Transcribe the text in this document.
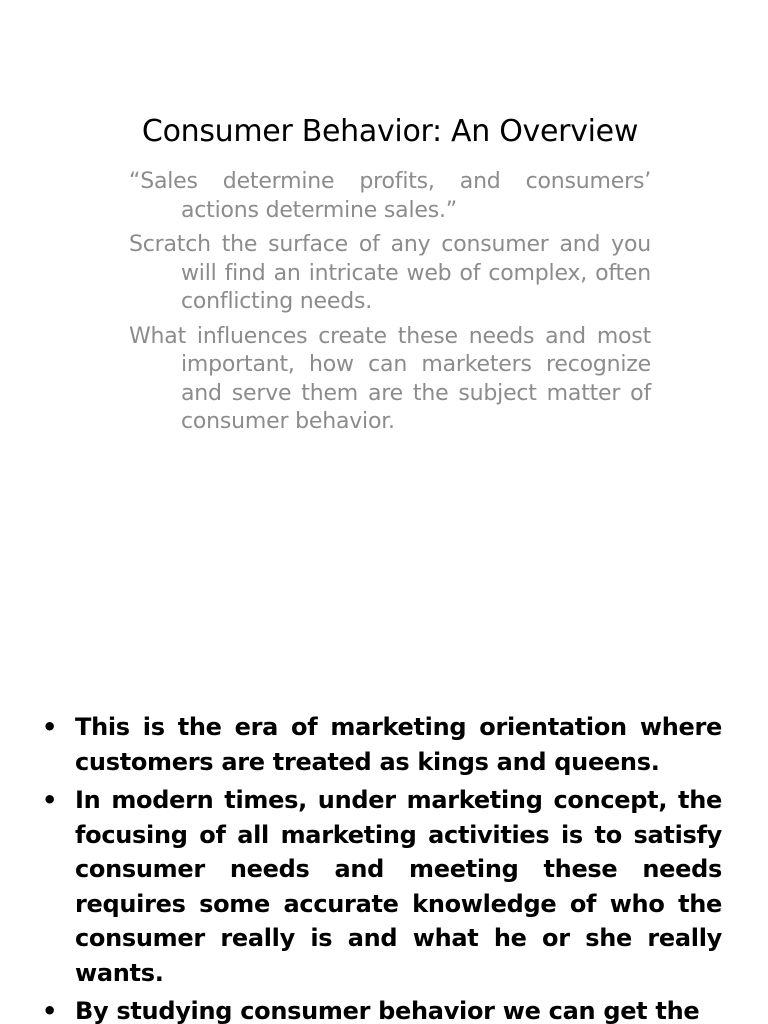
Consumer Behavior: An Overview
“Sales determine profits, and consumers’ actions determine sales.”
Scratch the surface of any consumer and you will find an intricate web of complex, often conflicting needs.
What influences create these needs and most important, how can marketers recognize and serve them are the subject matter of consumer behavior.
• This is the era of marketing orientation where customers are treated as kings and queens.
• In modern times, under marketing concept, the focusing of all marketing activities is to satisfy consumer needs and meeting these needs requires some accurate knowledge of who the consumer really is and what he or she really wants.
• By studying consumer behavior we can get the
